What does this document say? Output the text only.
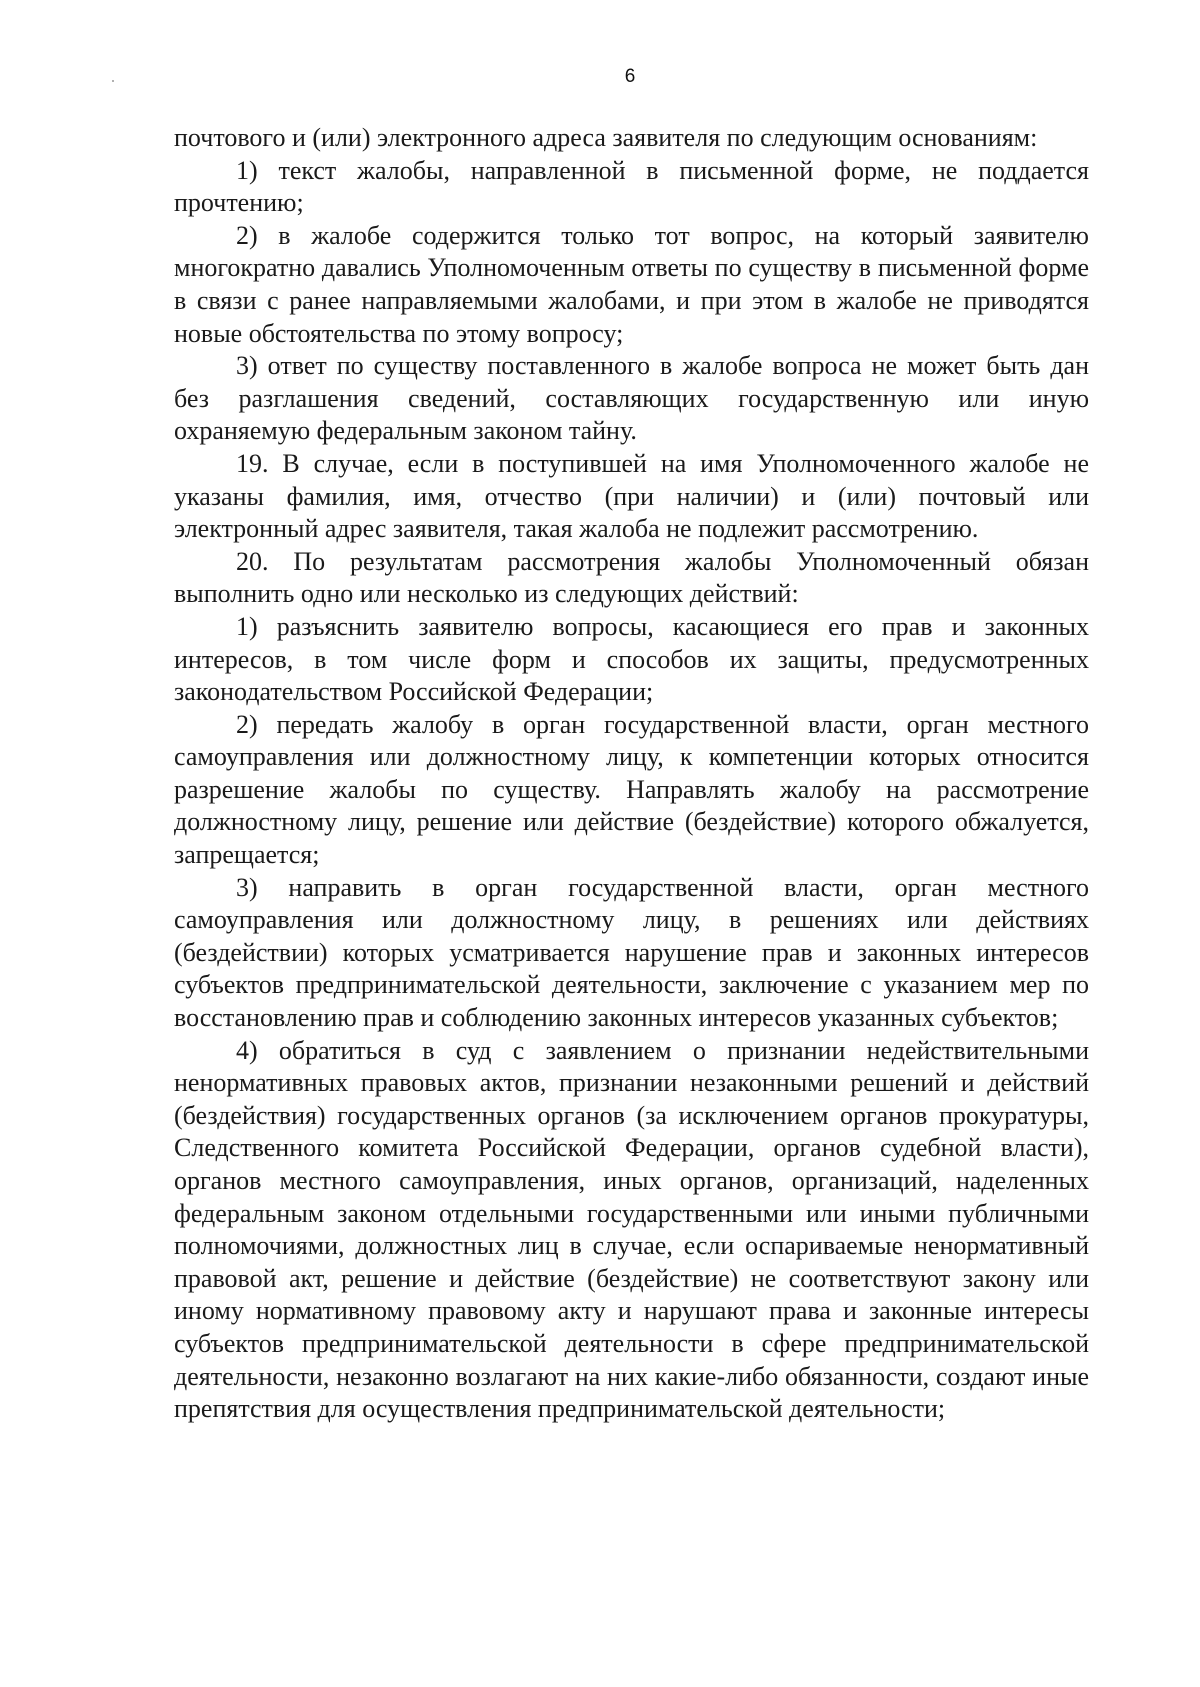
6

почтового и (или) электронного адреса заявителя по следующим основаниям:

1) текст жалобы, направленной в письменной форме, не поддается прочтению;

2) в жалобе содержится только тот вопрос, на который заявителю многократно давались Уполномоченным ответы по существу в письменной форме в связи с ранее направляемыми жалобами, и при этом в жалобе не приводятся новые обстоятельства по этому вопросу;

3) ответ по существу поставленного в жалобе вопроса не может быть дан без разглашения сведений, составляющих государственную или иную охраняемую федеральным законом тайну.

19. В случае, если в поступившей на имя Уполномоченного жалобе не указаны фамилия, имя, отчество (при наличии) и (или) почтовый или электронный адрес заявителя, такая жалоба не подлежит рассмотрению.

20. По результатам рассмотрения жалобы Уполномоченный обязан выполнить одно или несколько из следующих действий:

1) разъяснить заявителю вопросы, касающиеся его прав и законных интересов, в том числе форм и способов их защиты, предусмотренных законодательством Российской Федерации;

2) передать жалобу в орган государственной власти, орган местного самоуправления или должностному лицу, к компетенции которых относится разрешение жалобы по существу. Направлять жалобу на рассмотрение должностному лицу, решение или действие (бездействие) которого обжалуется, запрещается;

3) направить в орган государственной власти, орган местного самоуправления или должностному лицу, в решениях или действиях (бездействии) которых усматривается нарушение прав и законных интересов субъектов предпринимательской деятельности, заключение с указанием мер по восстановлению прав и соблюдению законных интересов указанных субъектов;

4) обратиться в суд с заявлением о признании недействительными ненормативных правовых актов, признании незаконными решений и действий (бездействия) государственных органов (за исключением органов прокуратуры, Следственного комитета Российской Федерации, органов судебной власти), органов местного самоуправления, иных органов, организаций, наделенных федеральным законом отдельными государственными или иными публичными полномочиями, должностных лиц в случае, если оспариваемые ненормативный правовой акт, решение и действие (бездействие) не соответствуют закону или иному нормативному правовому акту и нарушают права и законные интересы субъектов предпринимательской деятельности в сфере предпринимательской деятельности, незаконно возлагают на них какие-либо обязанности, создают иные препятствия для осуществления предпринимательской деятельности;
